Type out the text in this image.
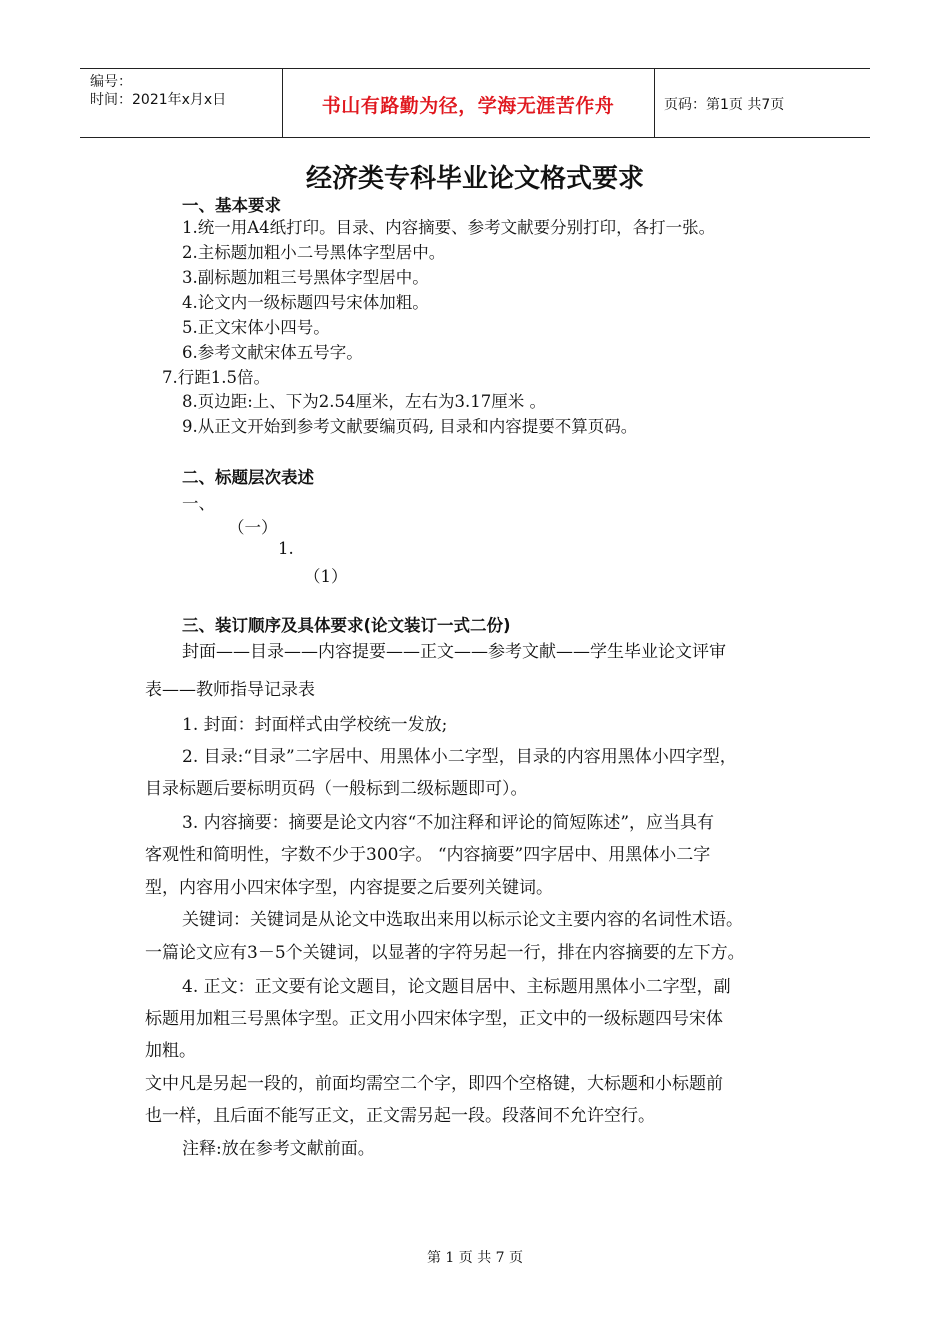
编号：
时间：2021年x月x日	书山有路勤为径，学海无涯苦作舟	页码：第1页 共7页
经济类专科毕业论文格式要求
一、基本要求
1.统一用A4纸打印。目录、内容摘要、参考文献要分别打印，各打一张。
2.主标题加粗小二号黑体字型居中。
3.副标题加粗三号黑体字型居中。
4.论文内一级标题四号宋体加粗。
5.正文宋体小四号。
6.参考文献宋体五号字。
7.行距1.5倍。
8.页边距:上、下为2.54厘米，左右为3.17厘米 。
9.从正文开始到参考文献要编页码, 目录和内容提要不算页码。
二、标题层次表述
一、
（一）
1.
（1）
三、装订顺序及具体要求(论文装订一式二份)
封面——目录——内容提要——正文——参考文献——学生毕业论文评审
表——教师指导记录表
1. 封面：封面样式由学校统一发放;
2. 目录:“目录”二字居中、用黑体小二字型，目录的内容用黑体小四字型，
目录标题后要标明页码（一般标到二级标题即可）。
3. 内容摘要：摘要是论文内容“不加注释和评论的简短陈述”，应当具有
客观性和简明性，字数不少于300字。 “内容摘要”四字居中、用黑体小二字
型，内容用小四宋体字型，内容提要之后要列关键词。
关键词：关键词是从论文中选取出来用以标示论文主要内容的名词性术语。
一篇论文应有3－5个关键词，以显著的字符另起一行，排在内容摘要的左下方。
4. 正文：正文要有论文题目，论文题目居中、主标题用黑体小二字型，副
标题用加粗三号黑体字型。正文用小四宋体字型，正文中的一级标题四号宋体
加粗。
文中凡是另起一段的，前面均需空二个字，即四个空格键，大标题和小标题前
也一样，且后面不能写正文，正文需另起一段。段落间不允许空行。
注释:放在参考文献前面。
第 1 页 共 7 页
